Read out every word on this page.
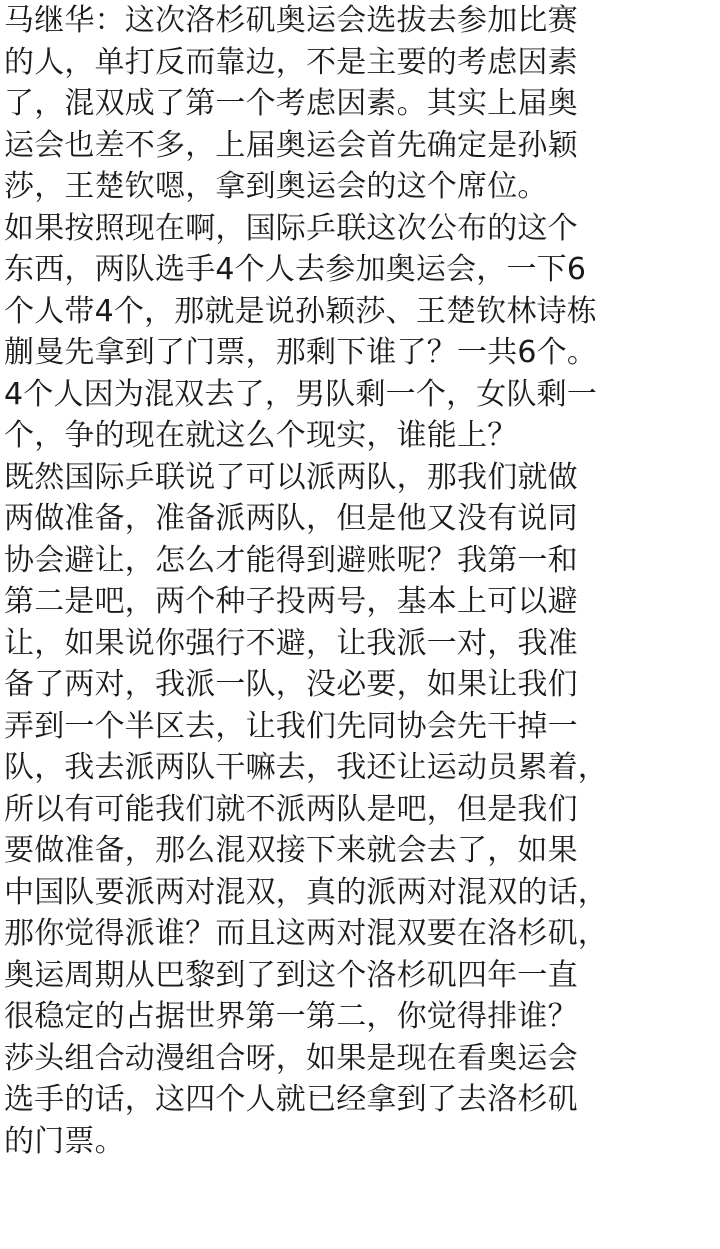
马继华：这次洛杉矶奥运会选拔去参加比赛
的人，单打反而靠边，不是主要的考虑因素
了，混双成了第一个考虑因素。其实上届奥
运会也差不多，上届奥运会首先确定是孙颖
莎，王楚钦嗯，拿到奥运会的这个席位。
如果按照现在啊，国际乒联这次公布的这个
东西，两队选手4个人去参加奥运会，一下6
个人带4个，那就是说孙颖莎、王楚钦林诗栋
蒯曼先拿到了门票，那剩下谁了？一共6个。
4个人因为混双去了，男队剩一个，女队剩一
个，争的现在就这么个现实，谁能上？
既然国际乒联说了可以派两队，那我们就做
两做准备，准备派两队，但是他又没有说同
协会避让，怎么才能得到避账呢？我第一和
第二是吧，两个种子投两号，基本上可以避
让，如果说你强行不避，让我派一对，我准
备了两对，我派一队，没必要，如果让我们
弄到一个半区去，让我们先同协会先干掉一
队，我去派两队干嘛去，我还让运动员累着，
所以有可能我们就不派两队是吧，但是我们
要做准备，那么混双接下来就会去了，如果
中国队要派两对混双，真的派两对混双的话，
那你觉得派谁？而且这两对混双要在洛杉矶，
奥运周期从巴黎到了到这个洛杉矶四年一直
很稳定的占据世界第一第二，你觉得排谁？
莎头组合动漫组合呀，如果是现在看奥运会
选手的话，这四个人就已经拿到了去洛杉矶
的门票。
